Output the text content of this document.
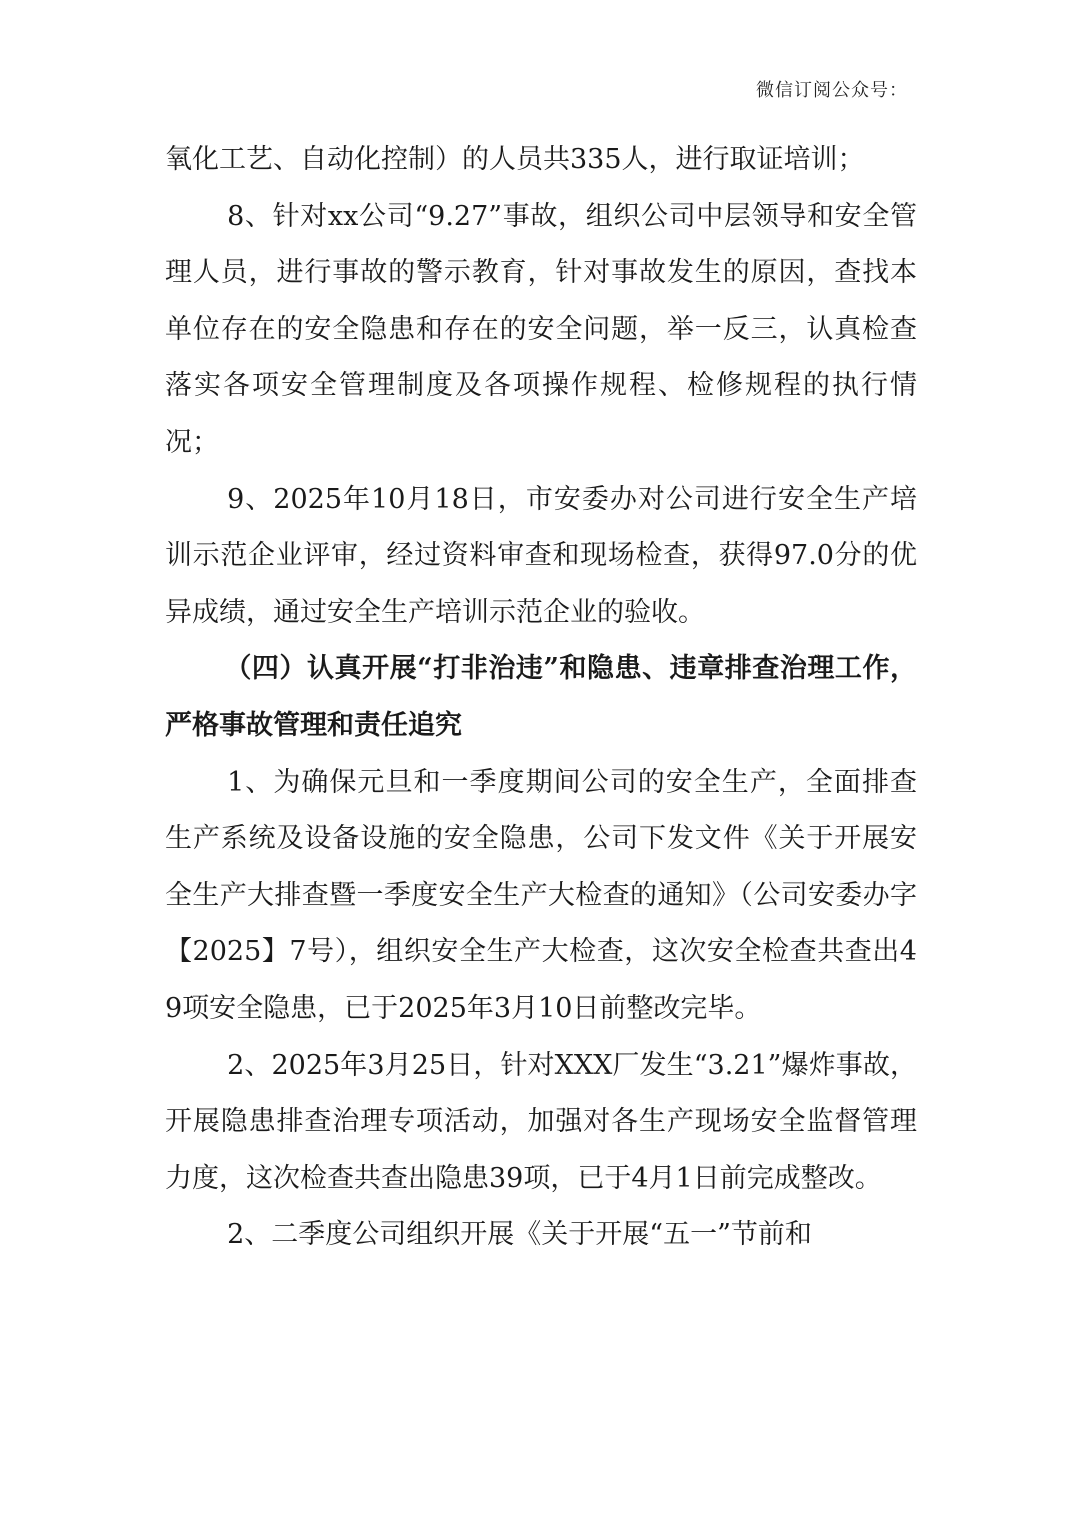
微信订阅公众号：

氧化工艺、自动化控制）的人员共335人，进行取证培训；

8、针对xx公司“9.27”事故，组织公司中层领导和安全管理人员，进行事故的警示教育，针对事故发生的原因，查找本单位存在的安全隐患和存在的安全问题，举一反三，认真检查落实各项安全管理制度及各项操作规程、检修规程的执行情况；

9、2025年10月18日，市安委办对公司进行安全生产培训示范企业评审，经过资料审查和现场检查，获得97.0分的优异成绩，通过安全生产培训示范企业的验收。

（四）认真开展“打非治违”和隐患、违章排查治理工作，严格事故管理和责任追究

1、为确保元旦和一季度期间公司的安全生产，全面排查生产系统及设备设施的安全隐患，公司下发文件《关于开展安全生产大排查暨一季度安全生产大检查的通知》（公司安委办字【2025】7号），组织安全生产大检查，这次安全检查共查出49项安全隐患，已于2025年3月10日前整改完毕。

2、2025年3月25日，针对XXX厂发生“3.21”爆炸事故，开展隐患排查治理专项活动，加强对各生产现场安全监督管理力度，这次检查共查出隐患39项，已于4月1日前完成整改。

2、二季度公司组织开展《关于开展“五一”节前和
